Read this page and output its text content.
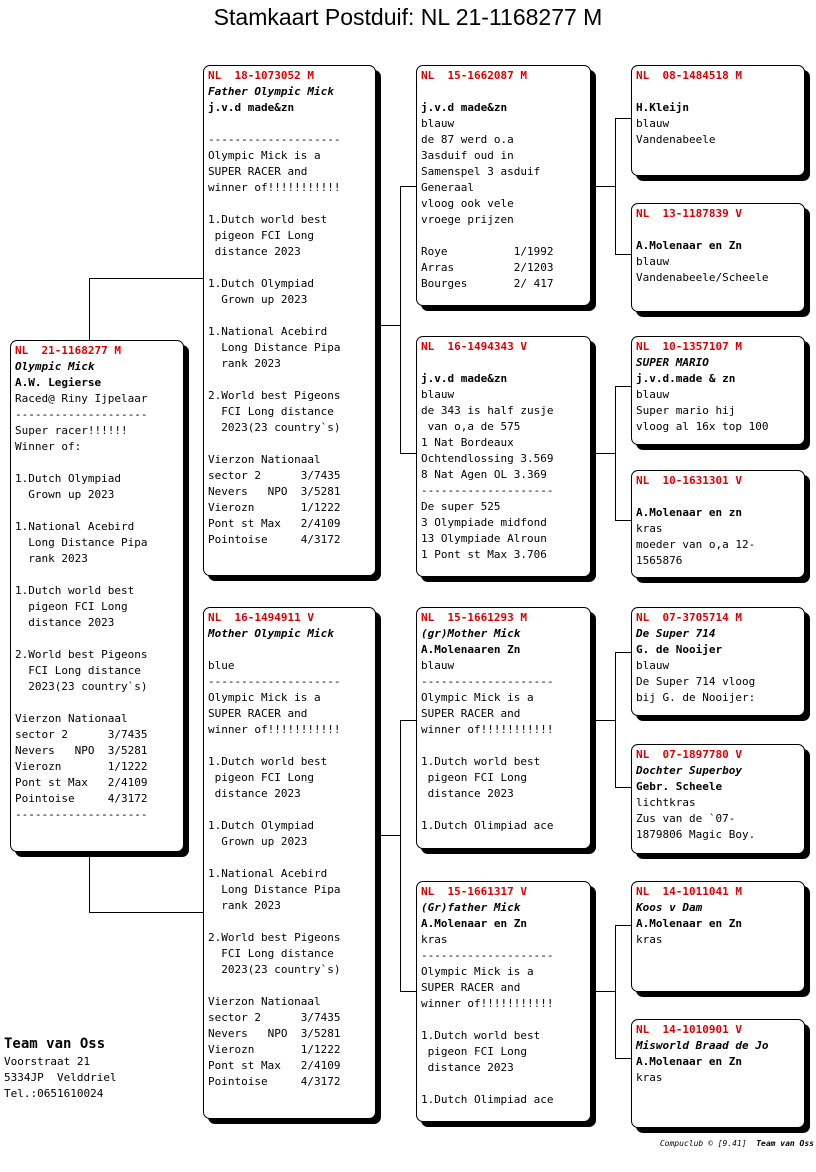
Stamkaart Postduif: NL 21-1168277 M
NL  21-1168277 M
Olympic Mick
A.W. Legierse
Raced@ Riny Ijpelaar
--------------------
Super racer!!!!!!
Winner of:
1.Dutch Olympiad
Grown up 2023
1.National Acebird
Long Distance Pipa
rank 2023
1.Dutch world best
pigeon FCI Long
distance 2023
2.World best Pigeons
FCI Long distance
2023(23 country`s)
Vierzon Nationaal
sector 2      3/7435
Nevers   NPO  3/5281
Vierozn       1/1222
Pont st Max   2/4109
Pointoise     4/3172
--------------------
NL  18-1073052 M
Father Olympic Mick
j.v.d made&zn
--------------------
Olympic Mick is a
SUPER RACER and
winner of!!!!!!!!!!!
1.Dutch world best
pigeon FCI Long
distance 2023
1.Dutch Olympiad
Grown up 2023
1.National Acebird
Long Distance Pipa
rank 2023
2.World best Pigeons
FCI Long distance
2023(23 country`s)
Vierzon Nationaal
sector 2      3/7435
Nevers   NPO  3/5281
Vierozn       1/1222
Pont st Max   2/4109
Pointoise     4/3172
NL  16-1494911 V
Mother Olympic Mick
blue
--------------------
Olympic Mick is a
SUPER RACER and
winner of!!!!!!!!!!!
1.Dutch world best
pigeon FCI Long
distance 2023
1.Dutch Olympiad
Grown up 2023
1.National Acebird
Long Distance Pipa
rank 2023
2.World best Pigeons
FCI Long distance
2023(23 country`s)
Vierzon Nationaal
sector 2      3/7435
Nevers   NPO  3/5281
Vierozn       1/1222
Pont st Max   2/4109
Pointoise     4/3172
NL  15-1662087 M
j.v.d made&zn
blauw
de 87 werd o.a
3asduif oud in
Samenspel 3 asduif
Generaal
vloog ook vele
vroege prijzen
Roye          1/1992
Arras         2/1203
Bourges       2/ 417
NL  16-1494343 V
j.v.d made&zn
blauw
de 343 is half zusje
van o,a de 575
1 Nat Bordeaux
Ochtendlossing 3.569
8 Nat Agen OL 3.369
--------------------
De super 525
3 Olympiade midfond
13 Olympiade Alroun
1 Pont st Max 3.706
NL  15-1661293 M
(gr)Mother Mick
A.Molenaaren Zn
blauw
--------------------
Olympic Mick is a
SUPER RACER and
winner of!!!!!!!!!!!
1.Dutch world best
pigeon FCI Long
distance 2023
1.Dutch Olimpiad ace
NL  15-1661317 V
(Gr)father Mick
A.Molenaar en Zn
kras
--------------------
Olympic Mick is a
SUPER RACER and
winner of!!!!!!!!!!!
1.Dutch world best
pigeon FCI Long
distance 2023
1.Dutch Olimpiad ace
NL  08-1484518 M
H.Kleijn
blauw
Vandenabeele
NL  13-1187839 V
A.Molenaar en Zn
blauw
Vandenabeele/Scheele
NL  10-1357107 M
SUPER MARIO
j.v.d.made & zn
blauw
Super mario hij
vloog al 16x top 100
NL  10-1631301 V
A.Molenaar en zn
kras
moeder van o,a 12-
1565876
NL  07-3705714 M
De Super 714
G. de Nooijer
blauw
De Super 714 vloog
bij G. de Nooijer:
NL  07-1897780 V
Dochter Superboy
Gebr. Scheele
lichtkras
Zus van de `07-
1879806 Magic Boy.
NL  14-1011041 M
Koos v Dam
A.Molenaar en Zn
kras
NL  14-1010901 V
Misworld Braad de Jo
A.Molenaar en Zn
kras
Team van Oss
Voorstraat 21
5334JP  Velddriel
Tel.:0651610024
Compuclub © [9.41] Team van Oss
